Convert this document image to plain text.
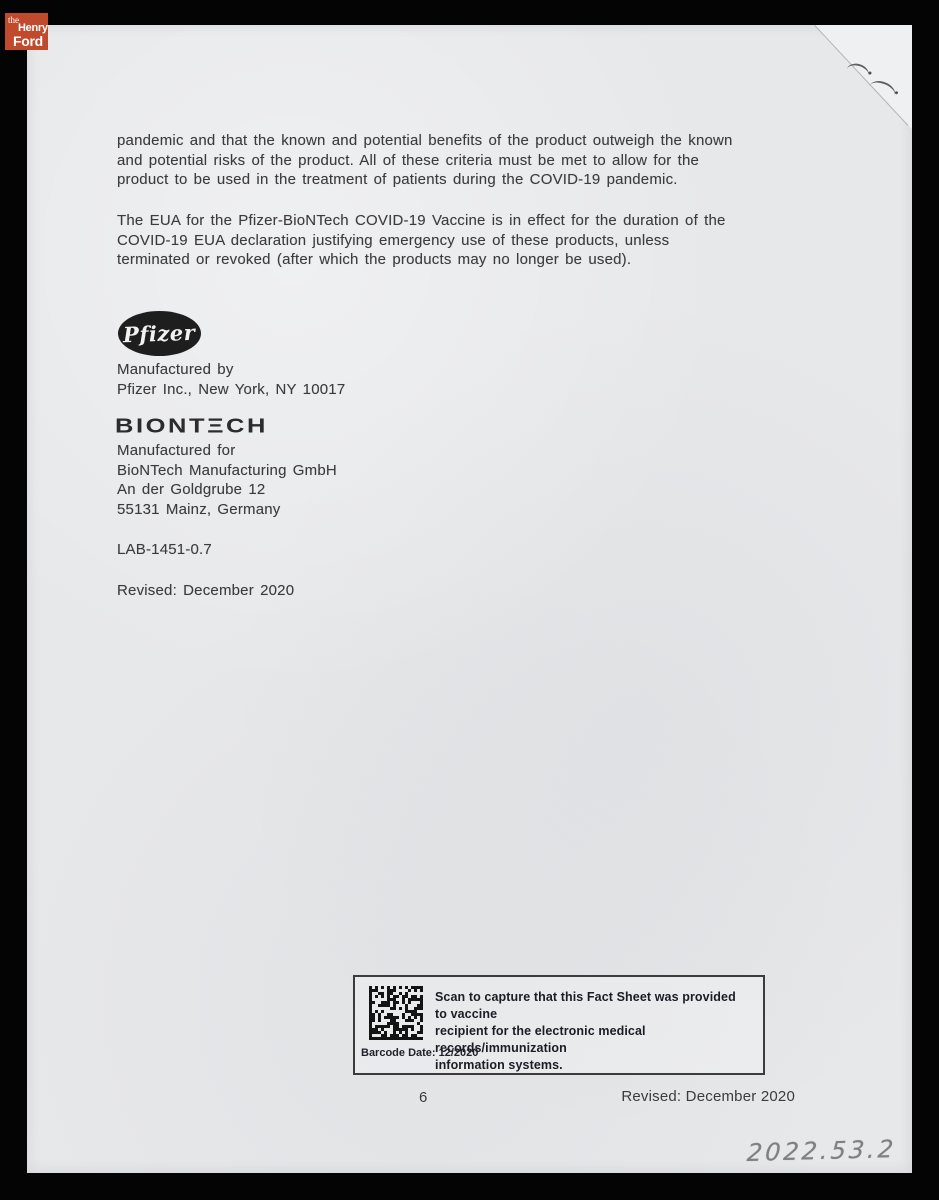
the
Henry
Ford
pandemic and that the known and potential benefits of the product outweigh the known
and potential risks of the product. All of these criteria must be met to allow for the
product to be used in the treatment of patients during the COVID-19 pandemic.
The EUA for the Pfizer-BioNTech COVID-19 Vaccine is in effect for the duration of the
COVID-19 EUA declaration justifying emergency use of these products, unless
terminated or revoked (after which the products may no longer be used).
Pfizer
Manufactured by
Pfizer Inc., New York, NY 10017
BIONTΞCH
Manufactured for
BioNTech Manufacturing GmbH
An der Goldgrube 12
55131 Mainz, Germany
LAB-1451-0.7
Revised: December 2020
Scan to capture that this Fact Sheet was provided to vaccine
recipient for the electronic medical records/immunization
information systems.
Barcode Date: 12/2020
6	Revised: December 2020
2022.53.2
